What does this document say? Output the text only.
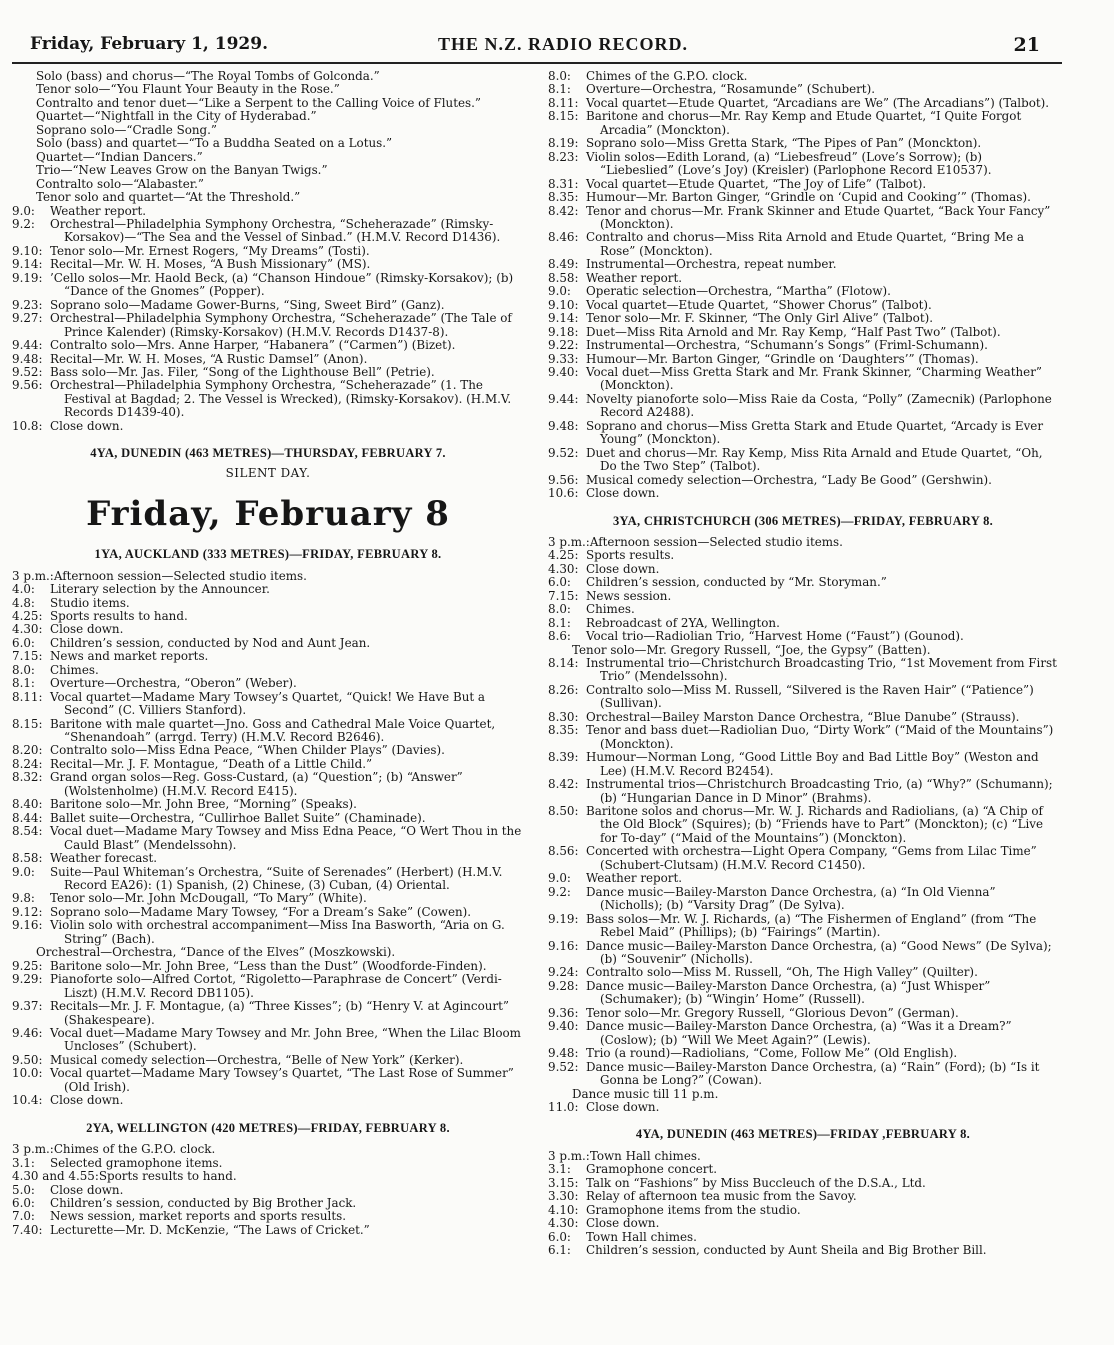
Friday, February 1, 1929.	THE N.Z. RADIO RECORD.	21
Solo (bass) and chorus—“The Royal Tombs of Golconda.”
Tenor solo—“You Flaunt Your Beauty in the Rose.”
Contralto and tenor duet—“Like a Serpent to the Calling Voice of Flutes.”
Quartet—“Nightfall in the City of Hyderabad.”
Soprano solo—“Cradle Song.”
Solo (bass) and quartet—“To a Buddha Seated on a Lotus.”
Quartet—“Indian Dancers.”
Trio—“New Leaves Grow on the Banyan Twigs.”
Contralto solo—“Alabaster.”
Tenor solo and quartet—“At the Threshold.”
9.0:	Weather report.
9.2:	Orchestral—Philadelphia Symphony Orchestra, “Scheherazade” (Rimsky-Korsakov)—“The Sea and the Vessel of Sinbad.” (H.M.V. Record D1436).
9.10: Tenor solo—Mr. Ernest Rogers, “My Dreams” (Tosti).
9.14: Recital—Mr. W. H. Moses, “A Bush Missionary” (MS).
9.19: ’Cello solos—Mr. Haold Beck, (a) “Chanson Hindoue” (Rimsky-Korsakov); (b) “Dance of the Gnomes” (Popper).
9.23: Soprano solo—Madame Gower-Burns, “Sing, Sweet Bird” (Ganz).
9.27: Orchestral—Philadelphia Symphony Orchestra, “Scheherazade” (The Tale of Prince Kalender) (Rimsky-Korsakov) (H.M.V. Records D1437-8).
9.44: Contralto solo—Mrs. Anne Harper, “Habanera” (“Carmen”) (Bizet).
9.48: Recital—Mr. W. H. Moses, “A Rustic Damsel” (Anon).
9.52: Bass solo—Mr. Jas. Filer, “Song of the Lighthouse Bell” (Petrie).
9.56: Orchestral—Philadelphia Symphony Orchestra, “Scheherazade” (1. The Festival at Bagdad; 2. The Vessel is Wrecked), (Rimsky-Korsakov). (H.M.V. Records D1439-40).
10.8: Close down.
4YA, DUNEDIN (463 METRES)—THURSDAY, FEBRUARY 7.
SILENT DAY.
Friday, February 8
1YA, AUCKLAND (333 METRES)—FRIDAY, FEBRUARY 8.
3 p.m.: Afternoon session—Selected studio items.
4.0:	Literary selection by the Announcer.
4.8:	Studio items.
4.25: Sports results to hand.
4.30: Close down.
6.0:	Children’s session, conducted by Nod and Aunt Jean.
7.15: News and market reports.
8.0:	Chimes.
8.1:	Overture—Orchestra, “Oberon” (Weber).
8.11: Vocal quartet—Madame Mary Towsey’s Quartet, “Quick! We Have But a Second” (C. Villiers Stanford).
8.15: Baritone with male quartet—Jno. Goss and Cathedral Male Voice Quartet, “Shenandoah” (arrgd. Terry) (H.M.V. Record B2646).
8.20: Contralto solo—Miss Edna Peace, “When Childer Plays” (Davies).
8.24: Recital—Mr. J. F. Montague, “Death of a Little Child.”
8.32: Grand organ solos—Reg. Goss-Custard, (a) “Question”; (b) “Answer” (Wolstenholme) (H.M.V. Record E415).
8.40: Baritone solo—Mr. John Bree, “Morning” (Speaks).
8.44: Ballet suite—Orchestra, “Cullirhoe Ballet Suite” (Chaminade).
8.54: Vocal duet—Madame Mary Towsey and Miss Edna Peace, “O Wert Thou in the Cauld Blast” (Mendelssohn).
8.58: Weather forecast.
9.0:	Suite—Paul Whiteman’s Orchestra, “Suite of Serenades” (Herbert) (H.M.V. Record EA26): (1) Spanish, (2) Chinese, (3) Cuban, (4) Oriental.
9.8:	Tenor solo—Mr. John McDougall, “To Mary” (White).
9.12: Soprano solo—Madame Mary Towsey, “For a Dream’s Sake” (Cowen).
9.16: Violin solo with orchestral accompaniment—Miss Ina Basworth, “Aria on G. String” (Bach).
Orchestral—Orchestra, “Dance of the Elves” (Moszkowski).
9.25: Baritone solo—Mr. John Bree, “Less than the Dust” (Woodforde-Finden).
9.29: Pianoforte solo—Alfred Cortot, “Rigoletto—Paraphrase de Concert” (Verdi-Liszt) (H.M.V. Record DB1105).
9.37: Recitals—Mr. J. F. Montague, (a) “Three Kisses”; (b) “Henry V. at Agincourt” (Shakespeare).
9.46: Vocal duet—Madame Mary Towsey and Mr. John Bree, “When the Lilac Bloom Uncloses” (Schubert).
9.50: Musical comedy selection—Orchestra, “Belle of New York” (Kerker).
10.0: Vocal quartet—Madame Mary Towsey’s Quartet, “The Last Rose of Summer” (Old Irish).
10.4: Close down.
2YA, WELLINGTON (420 METRES)—FRIDAY, FEBRUARY 8.
3 p.m.: Chimes of the G.P.O. clock.
3.1:	Selected gramophone items.
4.30 and 4.55: Sports results to hand.
5.0:	Close down.
6.0:	Children’s session, conducted by Big Brother Jack.
7.0:	News session, market reports and sports results.
7.40: Lecturette—Mr. D. McKenzie, “The Laws of Cricket.”
8.0:	Chimes of the G.P.O. clock.
8.1:	Overture—Orchestra, “Rosamunde” (Schubert).
8.11: Vocal quartet—Etude Quartet, “Arcadians are We” (The Arcadians”) (Talbot).
8.15: Baritone and chorus—Mr. Ray Kemp and Etude Quartet, “I Quite Forgot Arcadia” (Monckton).
8.19: Soprano solo—Miss Gretta Stark, “The Pipes of Pan” (Monckton).
8.23: Violin solos—Edith Lorand, (a) “Liebesfreud” (Love’s Sorrow); (b) “Liebeslied” (Love’s Joy) (Kreisler) (Parlophone Record E10537).
8.31: Vocal quartet—Etude Quartet, “The Joy of Life” (Talbot).
8.35: Humour—Mr. Barton Ginger, “Grindle on ‘Cupid and Cooking’” (Thomas).
8.42: Tenor and chorus—Mr. Frank Skinner and Etude Quartet, “Back Your Fancy” (Monckton).
8.46: Contralto and chorus—Miss Rita Arnold and Etude Quartet, “Bring Me a Rose” (Monckton).
8.49: Instrumental—Orchestra, repeat number.
8.58: Weather report.
9.0:	Operatic selection—Orchestra, “Martha” (Flotow).
9.10: Vocal quartet—Etude Quartet, “Shower Chorus” (Talbot).
9.14: Tenor solo—Mr. F. Skinner, “The Only Girl Alive” (Talbot).
9.18: Duet—Miss Rita Arnold and Mr. Ray Kemp, “Half Past Two” (Talbot).
9.22: Instrumental—Orchestra, “Schumann’s Songs” (Friml-Schumann).
9.33: Humour—Mr. Barton Ginger, “Grindle on ‘Daughters’” (Thomas).
9.40: Vocal duet—Miss Gretta Stark and Mr. Frank Skinner, “Charming Weather” (Monckton).
9.44: Novelty pianoforte solo—Miss Raie da Costa, “Polly” (Zamecnik) (Parlophone Record A2488).
9.48: Soprano and chorus—Miss Gretta Stark and Etude Quartet, “Arcady is Ever Young” (Monckton).
9.52: Duet and chorus—Mr. Ray Kemp, Miss Rita Arnald and Etude Quartet, “Oh, Do the Two Step” (Talbot).
9.56: Musical comedy selection—Orchestra, “Lady Be Good” (Gershwin).
10.6: Close down.
3YA, CHRISTCHURCH (306 METRES)—FRIDAY, FEBRUARY 8.
3 p.m.: Afternoon session—Selected studio items.
4.25: Sports results.
4.30: Close down.
6.0:	Children’s session, conducted by “Mr. Storyman.”
7.15: News session.
8.0:	Chimes.
8.1:	Rebroadcast of 2YA, Wellington.
8.6:	Vocal trio—Radiolian Trio, “Harvest Home (“Faust”) (Gounod).
Tenor solo—Mr. Gregory Russell, “Joe, the Gypsy” (Batten).
8.14: Instrumental trio—Christchurch Broadcasting Trio, “1st Movement from First Trio” (Mendelssohn).
8.26: Contralto solo—Miss M. Russell, “Silvered is the Raven Hair” (“Patience”) (Sullivan).
8.30: Orchestral—Bailey Marston Dance Orchestra, “Blue Danube” (Strauss).
8.35: Tenor and bass duet—Radiolian Duo, “Dirty Work” (“Maid of the Mountains”) (Monckton).
8.39: Humour—Norman Long, “Good Little Boy and Bad Little Boy” (Weston and Lee) (H.M.V. Record B2454).
8.42: Instrumental trios—Christchurch Broadcasting Trio, (a) “Why?” (Schumann); (b) “Hungarian Dance in D Minor” (Brahms).
8.50: Baritone solos and chorus—Mr. W. J. Richards and Radiolians, (a) “A Chip of the Old Block” (Squires); (b) “Friends have to Part” (Monckton); (c) “Live for To-day” (“Maid of the Mountains”) (Monckton).
8.56: Concerted with orchestra—Light Opera Company, “Gems from Lilac Time” (Schubert-Clutsam) (H.M.V. Record C1450).
9.0:	Weather report.
9.2:	Dance music—Bailey-Marston Dance Orchestra, (a) “In Old Vienna” (Nicholls); (b) “Varsity Drag” (De Sylva).
9.19: Bass solos—Mr. W. J. Richards, (a) “The Fishermen of England” (from “The Rebel Maid” (Phillips); (b) “Fairings” (Martin).
9.16: Dance music—Bailey-Marston Dance Orchestra, (a) “Good News” (De Sylva); (b) “Souvenir” (Nicholls).
9.24: Contralto solo—Miss M. Russell, “Oh, The High Valley” (Quilter).
9.28: Dance music—Bailey-Marston Dance Orchestra, (a) “Just Whisper” (Schumaker); (b) “Wingin’ Home” (Russell).
9.36: Tenor solo—Mr. Gregory Russell, “Glorious Devon” (German).
9.40: Dance music—Bailey-Marston Dance Orchestra, (a) “Was it a Dream?” (Coslow); (b) “Will We Meet Again?” (Lewis).
9.48: Trio (a round)—Radiolians, “Come, Follow Me” (Old English).
9.52: Dance music—Bailey-Marston Dance Orchestra, (a) “Rain” (Ford); (b) “Is it Gonna be Long?” (Cowan).
Dance music till 11 p.m.
11.0: Close down.
4YA, DUNEDIN (463 METRES)—FRIDAY ,FEBRUARY 8.
3 p.m.: Town Hall chimes.
3.1:	Gramophone concert.
3.15: Talk on “Fashions” by Miss Buccleuch of the D.S.A., Ltd.
3.30: Relay of afternoon tea music from the Savoy.
4.10: Gramophone items from the studio.
4.30: Close down.
6.0:	Town Hall chimes.
6.1:	Children’s session, conducted by Aunt Sheila and Big Brother Bill.
